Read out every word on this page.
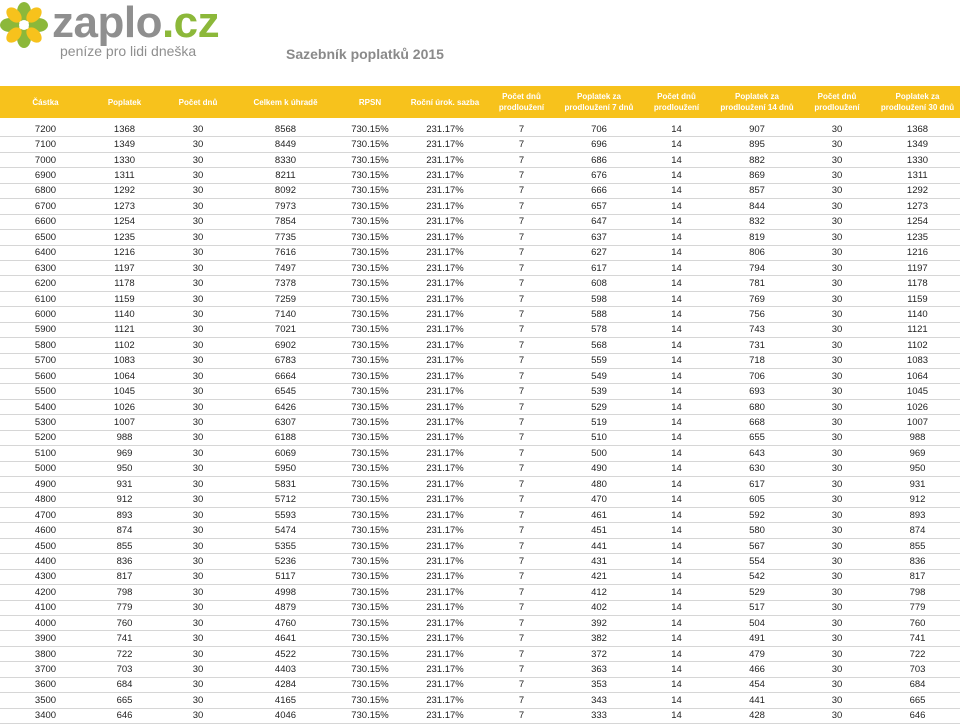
zaplo.cz
peníze pro lidi dneška	Sazebník poplatků 2015
Částka	Poplatek	Počet dnů	Celkem k úhradě	RPSN	Roční úrok. sazba	Počet dnů prodloužení	Poplatek za prodloužení 7 dnů	Počet dnů prodloužení	Poplatek za prodloužení 14 dnů	Počet dnů prodloužení	Poplatek za prodloužení 30 dnů

7200	1368	30	8568	730.15%	231.17%	7	706	14	907	30	1368
7100	1349	30	8449	730.15%	231.17%	7	696	14	895	30	1349
7000	1330	30	8330	730.15%	231.17%	7	686	14	882	30	1330
6900	1311	30	8211	730.15%	231.17%	7	676	14	869	30	1311
6800	1292	30	8092	730.15%	231.17%	7	666	14	857	30	1292
6700	1273	30	7973	730.15%	231.17%	7	657	14	844	30	1273
6600	1254	30	7854	730.15%	231.17%	7	647	14	832	30	1254
6500	1235	30	7735	730.15%	231.17%	7	637	14	819	30	1235
6400	1216	30	7616	730.15%	231.17%	7	627	14	806	30	1216
6300	1197	30	7497	730.15%	231.17%	7	617	14	794	30	1197
6200	1178	30	7378	730.15%	231.17%	7	608	14	781	30	1178
6100	1159	30	7259	730.15%	231.17%	7	598	14	769	30	1159
6000	1140	30	7140	730.15%	231.17%	7	588	14	756	30	1140
5900	1121	30	7021	730.15%	231.17%	7	578	14	743	30	1121
5800	1102	30	6902	730.15%	231.17%	7	568	14	731	30	1102
5700	1083	30	6783	730.15%	231.17%	7	559	14	718	30	1083
5600	1064	30	6664	730.15%	231.17%	7	549	14	706	30	1064
5500	1045	30	6545	730.15%	231.17%	7	539	14	693	30	1045
5400	1026	30	6426	730.15%	231.17%	7	529	14	680	30	1026
5300	1007	30	6307	730.15%	231.17%	7	519	14	668	30	1007
5200	988	30	6188	730.15%	231.17%	7	510	14	655	30	988
5100	969	30	6069	730.15%	231.17%	7	500	14	643	30	969
5000	950	30	5950	730.15%	231.17%	7	490	14	630	30	950
4900	931	30	5831	730.15%	231.17%	7	480	14	617	30	931
4800	912	30	5712	730.15%	231.17%	7	470	14	605	30	912
4700	893	30	5593	730.15%	231.17%	7	461	14	592	30	893
4600	874	30	5474	730.15%	231.17%	7	451	14	580	30	874
4500	855	30	5355	730.15%	231.17%	7	441	14	567	30	855
4400	836	30	5236	730.15%	231.17%	7	431	14	554	30	836
4300	817	30	5117	730.15%	231.17%	7	421	14	542	30	817
4200	798	30	4998	730.15%	231.17%	7	412	14	529	30	798
4100	779	30	4879	730.15%	231.17%	7	402	14	517	30	779
4000	760	30	4760	730.15%	231.17%	7	392	14	504	30	760
3900	741	30	4641	730.15%	231.17%	7	382	14	491	30	741
3800	722	30	4522	730.15%	231.17%	7	372	14	479	30	722
3700	703	30	4403	730.15%	231.17%	7	363	14	466	30	703
3600	684	30	4284	730.15%	231.17%	7	353	14	454	30	684
3500	665	30	4165	730.15%	231.17%	7	343	14	441	30	665
3400	646	30	4046	730.15%	231.17%	7	333	14	428	30	646
